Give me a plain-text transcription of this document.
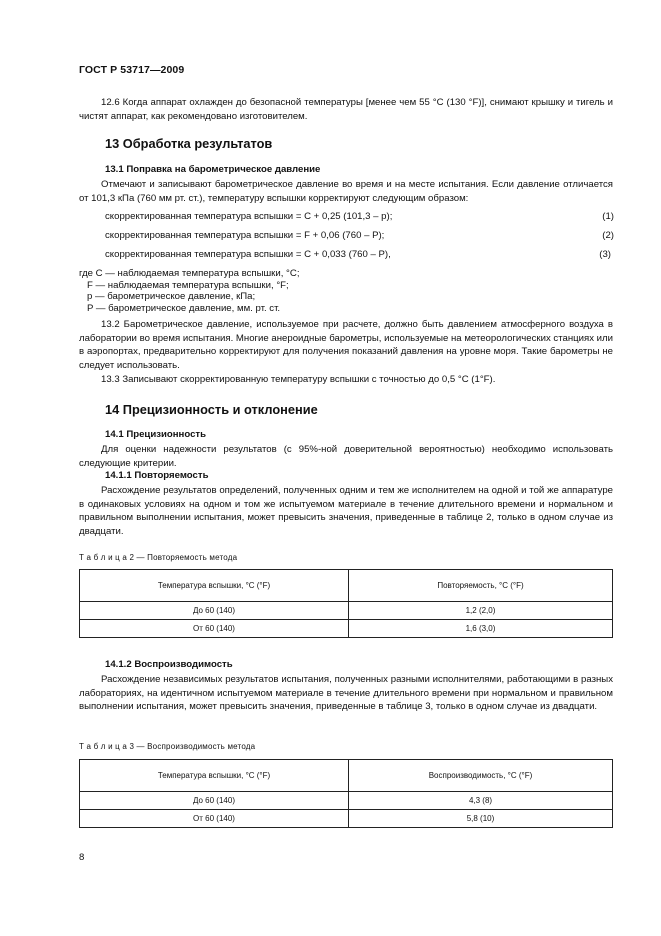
ГОСТ Р 53717—2009
12.6 Когда аппарат охлажден до безопасной температуры [менее чем 55 °С (130 °F)], снимают крышку и тигель и чистят аппарат, как рекомендовано изготовителем.
13 Обработка результатов
13.1 Поправка на барометрическое давление
Отмечают и записывают барометрическое давление во время и на месте испытания. Если давление отличается от 101,3 кПа (760 мм рт. ст.), температуру вспышки корректируют следующим образом:
скорректированная температура вспышки = C + 0,25 (101,3 – p);	(1)
скорректированная температура вспышки = F + 0,06 (760 – P);	(2)
скорректированная температура вспышки = C + 0,033 (760 – P),	(3)
где C — наблюдаемая температура вспышки, °С;
F — наблюдаемая температура вспышки, °F;
p — барометрическое давление, кПа;
P — барометрическое давление, мм. рт. ст.
13.2 Барометрическое давление, используемое при расчете, должно быть давлением атмосферного воздуха в лаборатории во время испытания. Многие анероидные барометры, используемые на метеорологических станциях или в аэропортах, предварительно корректируют для получения показаний давления на уровне моря. Такие барометры не следует использовать.
13.3 Записывают скорректированную температуру вспышки с точностью до 0,5 °С (1°F).
14 Прецизионность и отклонение
14.1 Прецизионность
Для оценки надежности результатов (с 95%-ной доверительной вероятностью) необходимо использовать следующие критерии.
14.1.1 Повторяемость
Расхождение результатов определений, полученных одним и тем же исполнителем на одной и той же аппаратуре в одинаковых условиях на одном и том же испытуемом материале в течение длительного времени и нормальном и правильном выполнении испытания, может превысить значения, приведенные в таблице 2, только в одном случае из двадцати.
Т а б л и ц а 2 — Повторяемость метода
Температура вспышки, °С (°F)	Повторяемость, °С (°F)
До 60 (140)	1,2 (2,0)
От 60 (140)	1,6 (3,0)
14.1.2 Воспроизводимость
Расхождение независимых результатов испытания, полученных разными исполнителями, работающими в разных лабораториях, на идентичном испытуемом материале в течение длительного времени при нормальном и правильном выполнении испытания, может превысить значения, приведенные в таблице 3, только в одном случае из двадцати.
Т а б л и ц а 3 — Воспроизводимость метода
Температура вспышки, °С (°F)	Воспроизводимость, °С (°F)
До 60 (140)	4,3 (8)
От 60 (140)	5,8 (10)
8
